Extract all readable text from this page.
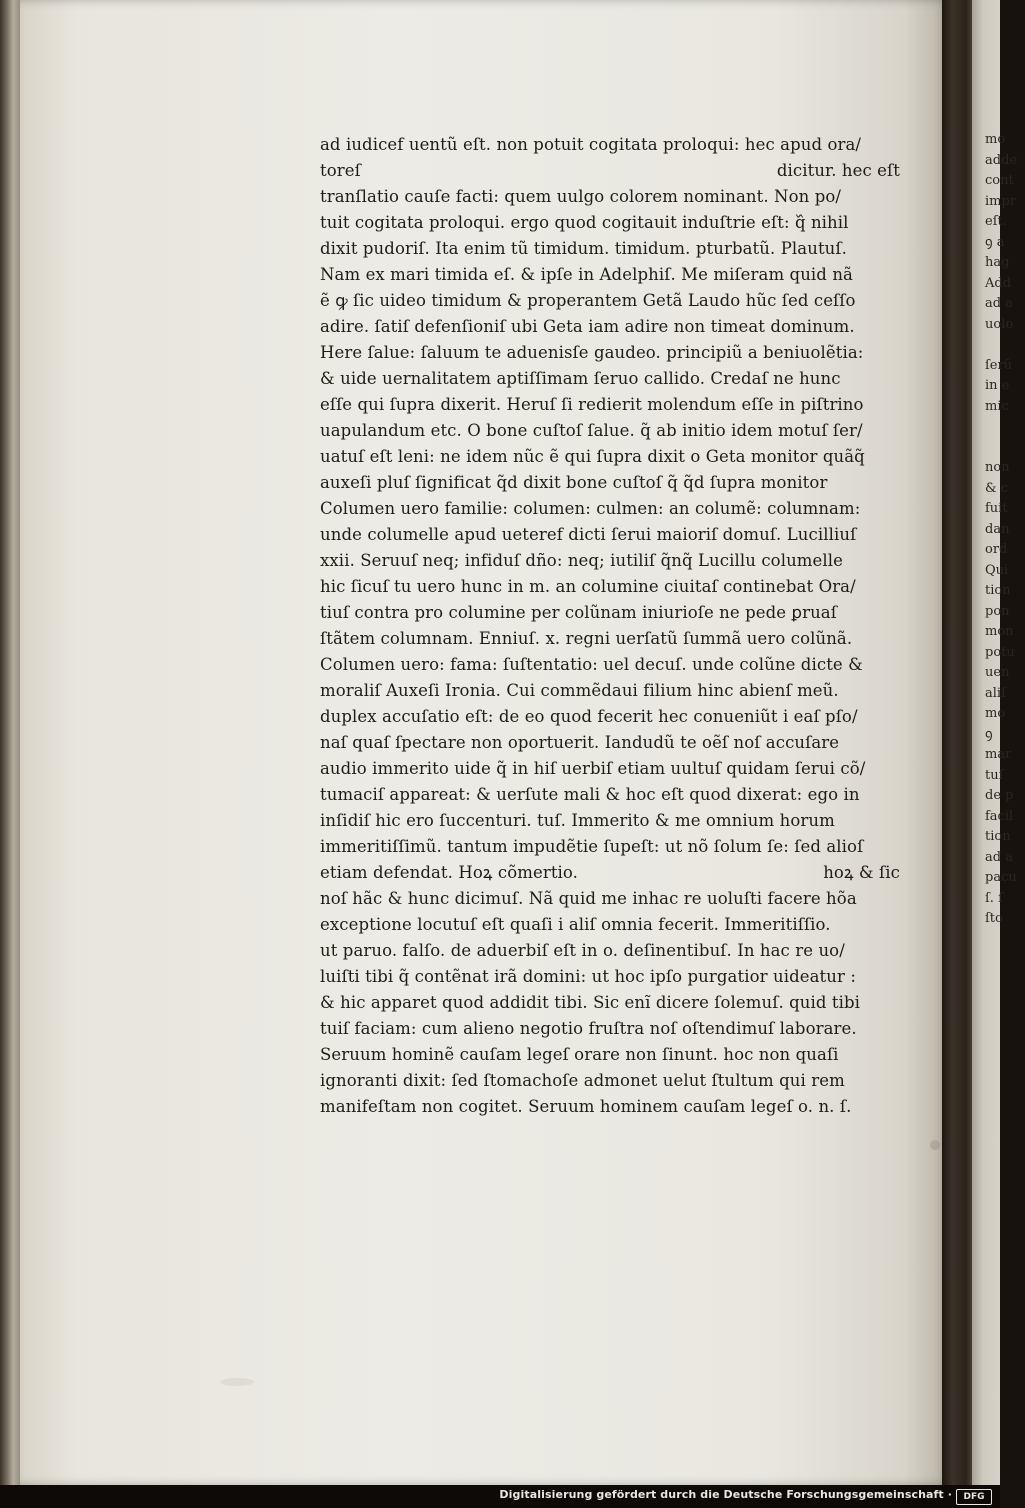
ad iudicef uentũ eſt. non potuit cogitata proloqui: hec apud ora/
toreſ	dicitur. hec eſt
tranſlatio cauſe facti: quem uulgo colorem nominant. Non po/
tuit cogitata proloqui. ergo quod cogitauit induſtrie eſt: q᷈ nihil
dixit pudoriſ. Ita enim tũ timidum. timidum. pturbatũ. Plautuſ.
Nam ex mari timida eſ. & ipſe in Adelphiſ. Me miſeram quid nã
ẽ ꝙ ſic uideo timidum & properantem Getã Laudo hũc ſed ceſſo
adire. ſatiſ defenſioniſ ubi Geta iam adire non timeat dominum.
Here ſalue: ſaluum te aduenisſe gaudeo. principiũ a beniuolẽtia:
& uide uernalitatem aptiſſimam ſeruo callido. Credaſ ne hunc
eſſe qui ſupra dixerit. Heruſ ſi redierit molendum eſſe in piſtrino
uapulandum etc. O bone cuſtoſ ſalue. q̃ ab initio idem motuſ ſer/
uatuſ eſt leni: ne idem nũc ẽ qui ſupra dixit o Geta monitor quãq̃
auxeſi pluſ ſignificat q̃d dixit bone cuſtoſ q̃ q̃d ſupra monitor
Columen uero familie: columen: culmen: an columẽ: columnam:
unde columelle apud ueteref dicti ſerui maioriſ domuſ. Lucilliuſ
xxii. Seruuſ neq; infiduſ dño: neq; iutiliſ q̃nq̃ Lucillu columelle
hic ſicuſ tu uero hunc in m. an columine ciuitaſ continebat Ora/
tiuſ contra pro columine per colũnam iniurioſe ne pede ꝑruaſ
ſtãtem columnam. Enniuſ. x. regni uerſatũ ſummã uero colũnã.
Columen uero: fama: ſuſtentatio: uel decuſ. unde colũne dicte &
moraliſ Auxeſi Ironia. Cui commẽdaui filium hinc abienſ meũ.
duplex accuſatio eſt: de eo quod fecerit hec conueniũt i eaſ pſo/
naſ quaſ ſpectare non oportuerit. Iandudũ te oẽſ noſ accuſare
audio immerito uide q̃ in hiſ uerbiſ etiam uultuſ quidam ſerui cõ/
tumaciſ appareat: & uerſute mali & hoc eſt quod dixerat: ego in
inſidiſ hic ero ſuccenturi. tuſ. Immerito & me omnium horum
immeritiſſimũ. tantum impudẽtie ſupeſt: ut nõ ſolum ſe: ſed alioſ
etiam defendat. Hoꝝ cõmertio.	hoꝝ & ſic
noſ hãc & hunc dicimuſ. Nã quid me inhac re uoluſti facere hõa
exceptione locutuſ eſt quaſi i aliſ omnia fecerit. Immeritiſſio.
ut paruo. falſo. de aduerbiſ eſt in o. deſinentibuſ. In hac re uo/
luiſti tibi q̃ contẽnat irã domini: ut hoc ipſo purgatior uideatur :
& hic apparet quod addidit tibi. Sic enĩ dicere ſolemuſ. quid tibi
tuiſ faciam: cum alieno negotio fruſtra noſ oſtendimuſ laborare.
Seruum hominẽ cauſam legeſ orare non ſinunt. hoc non quaſi
ignoranti dixit: ſed ſtomachoſe admonet uelut ſtultum qui rem
manifeſtam non cogitet. Seruum hominem cauſam legeſ o. n. ſ.
mo
adde
cont
impr
eſt.
ꝯ a
hag
Add
ad a
uolo
ſerũ
in e
mic
non
& c
fuit
dan
ord
Qui
tion
pon
mon
potu
uen
aliſ
mo
ꝯ
mar
tuſ
de p
facil
tion
ad a
pacu
ſ. ſ
ſto
Digitalisierung gefördert durch die Deutsche Forschungsgemeinschaft ·	DFG
